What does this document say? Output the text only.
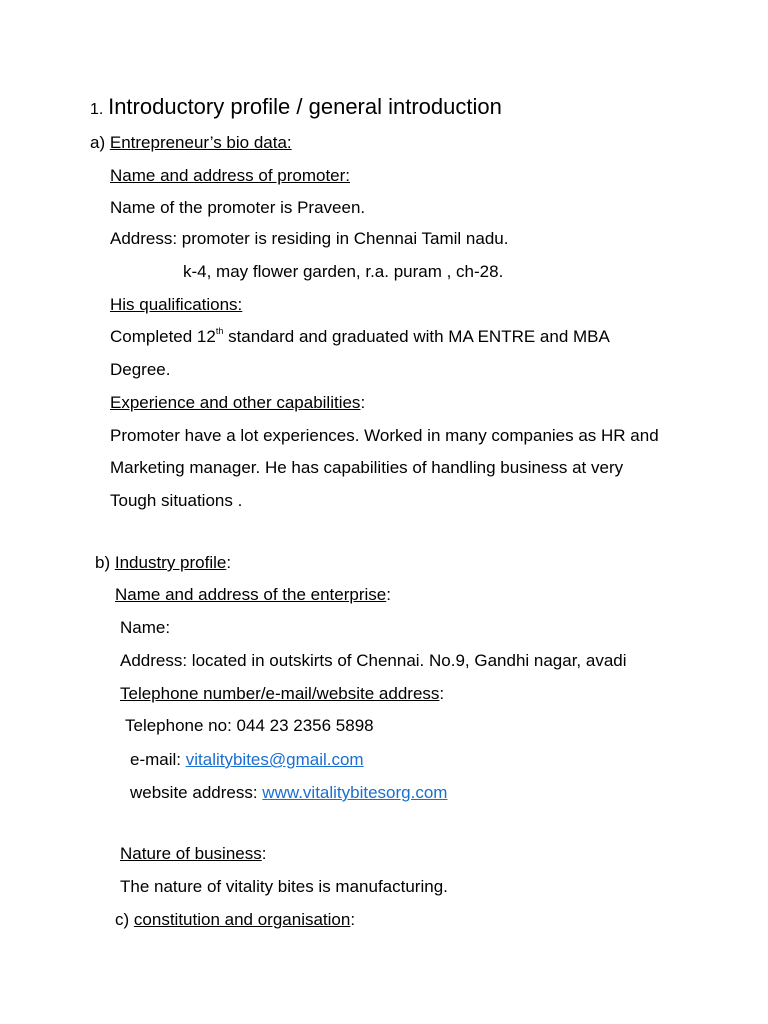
1. Introductory profile / general introduction
a) Entrepreneur’s bio data:
Name and address of promoter:
Name of the promoter is Praveen.
Address: promoter is residing in Chennai Tamil nadu.
k-4, may flower garden, r.a. puram , ch-28.
His qualifications:
Completed 12th standard and graduated with MA ENTRE and MBA
Degree.
Experience and other capabilities:
Promoter have a lot experiences. Worked in many companies as HR and
Marketing manager. He has capabilities of handling business at very
Tough situations .
b) Industry profile:
Name and address of the enterprise:
Name:
Address: located in outskirts of Chennai. No.9, Gandhi nagar, avadi
Telephone number/e-mail/website address:
Telephone no: 044 23 2356 5898
e-mail: vitalitybites@gmail.com
website address: www.vitalitybitesorg.com
Nature of business:
The nature of vitality bites is manufacturing.
c) constitution and organisation:
